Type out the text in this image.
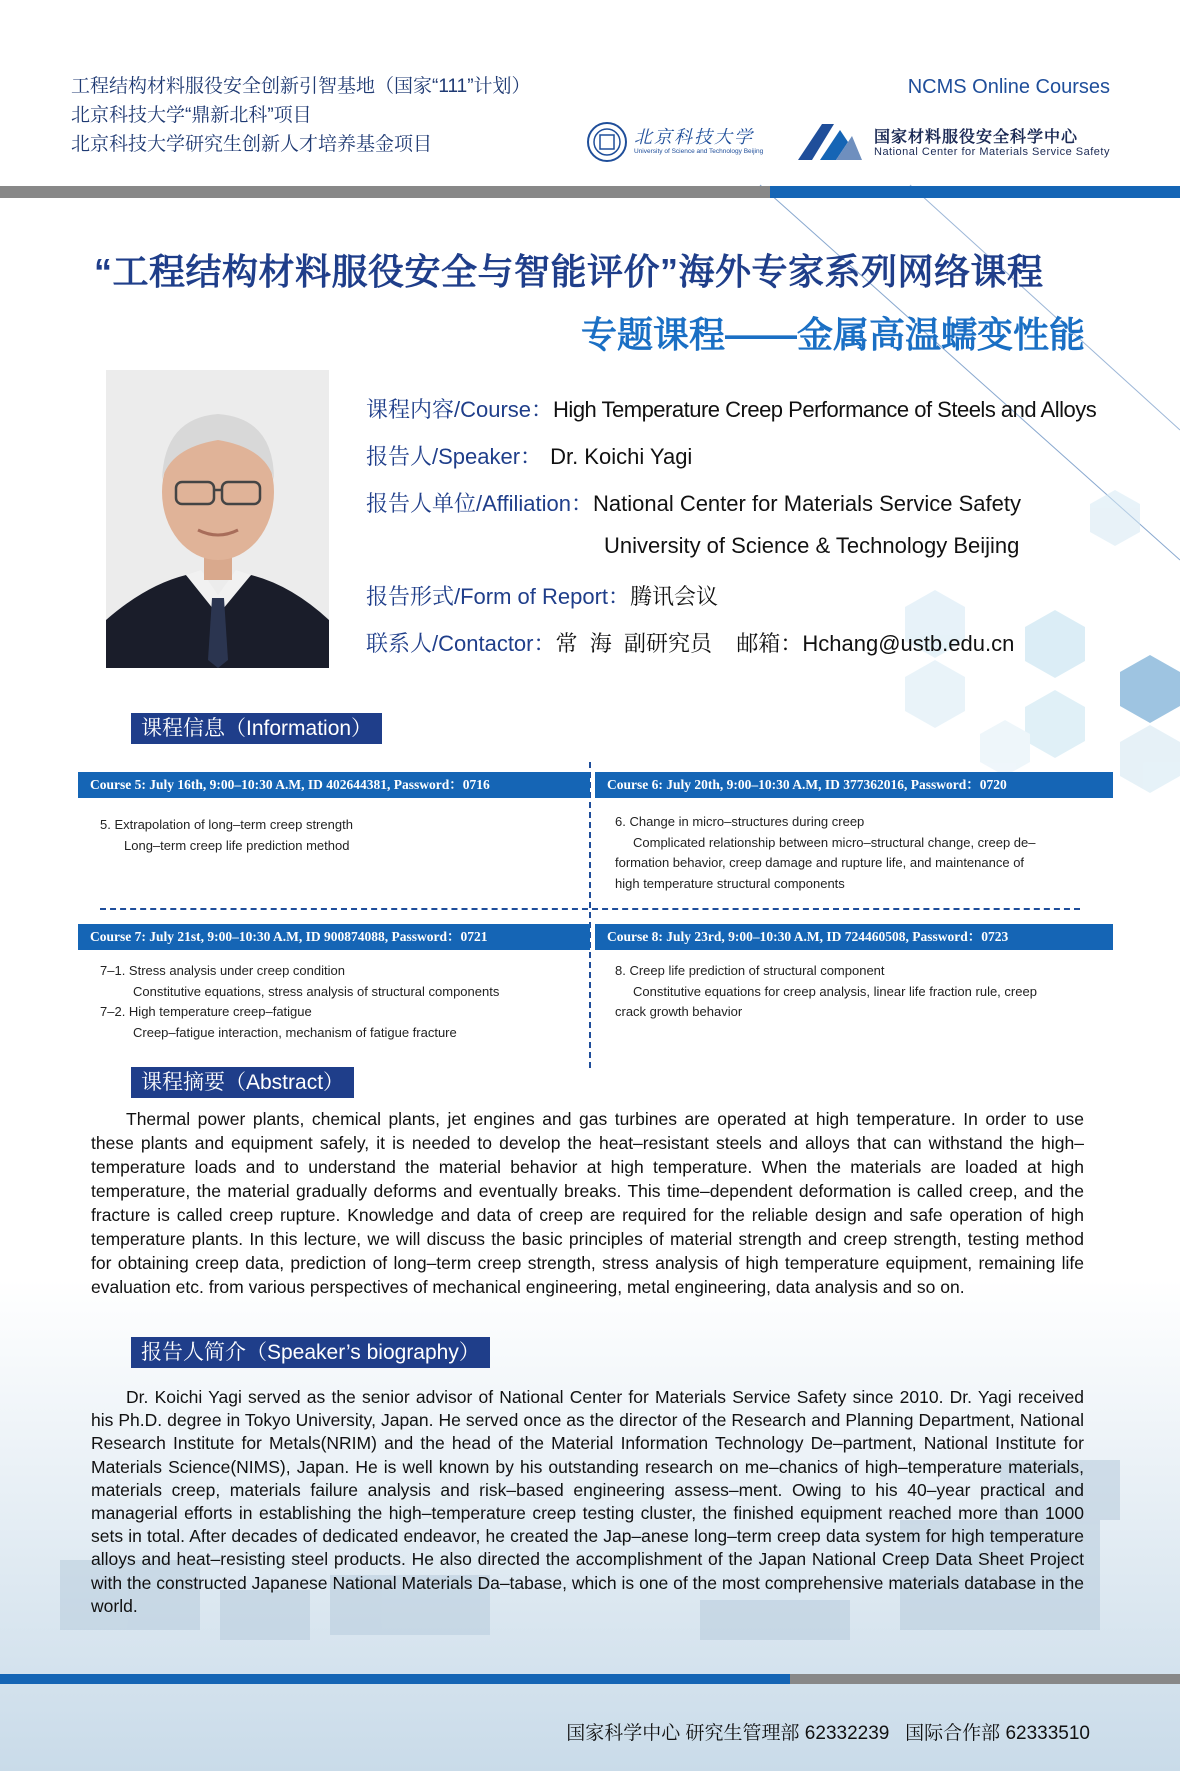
工程结构材料服役安全创新引智基地（国家“111”计划）
北京科技大学“鼎新北科”项目
北京科技大学研究生创新人才培养基金项目
NCMS Online Courses
北京科技大学
University of Science and Technology Beijing
国家材料服役安全科学中心
National Center for Materials Service Safety
“工程结构材料服役安全与智能评价”海外专家系列网络课程
专题课程——金属高温蠕变性能
课程内容/Course：High Temperature Creep Performance of Steels and Alloys
报告人/Speaker： Dr. Koichi Yagi
报告人单位/Affiliation：National Center for Materials Service Safety
University of Science & Technology Beijing
报告形式/Form of Report：腾讯会议
联系人/Contactor：常  海  副研究员    邮箱：Hchang@ustb.edu.cn
课程信息（Information）
Course 5: July 16th, 9:00–10:30 A.M, ID 402644381, Password：0716
5. Extrapolation of long–term creep strength
Long–term creep life prediction method
Course 6: July 20th, 9:00–10:30 A.M, ID 377362016, Password：0720
6. Change in micro–structures during creep
Complicated relationship between micro–structural change, creep de–
formation behavior, creep damage and rupture life, and maintenance of
high temperature structural components
Course 7: July 21st, 9:00–10:30 A.M, ID 900874088, Password：0721
7–1. Stress analysis under creep condition
Constitutive equations, stress analysis of structural components
7–2. High temperature creep–fatigue
Creep–fatigue interaction, mechanism of fatigue fracture
Course 8: July 23rd, 9:00–10:30 A.M, ID 724460508, Password：0723
8. Creep life prediction of structural component
Constitutive equations for creep analysis, linear life fraction rule, creep
crack growth behavior
课程摘要（Abstract）
Thermal power plants, chemical plants, jet engines and gas turbines are operated at high temperature. In order to use these plants and equipment safely, it is needed to develop the heat–resistant steels and alloys that can withstand the high–temperature loads and to understand the material behavior at high temperature. When the materials are loaded at high temperature, the material gradually deforms and eventually breaks. This time–dependent deformation is called creep, and the fracture is called creep rupture. Knowledge and data of creep are required for the reliable design and safe operation of high temperature plants. In this lecture, we will discuss the basic principles of material strength and creep strength, testing method for obtaining creep data, prediction of long–term creep strength, stress analysis of high temperature equipment, remaining life evaluation etc. from various perspectives of mechanical engineering, metal engineering, data analysis and so on.
报告人简介（Speaker’s biography）
Dr. Koichi Yagi served as the senior advisor of National Center for Materials Service Safety since 2010. Dr. Yagi received his Ph.D. degree in Tokyo University, Japan. He served once as the director of the Research and Planning Department, National Research Institute for Metals(NRIM) and the head of the Material Information Technology De–partment, National Institute for Materials Science(NIMS), Japan. He is well known by his outstanding research on me–chanics of high–temperature materials, materials creep, materials failure analysis and risk–based engineering assess–ment. Owing to his 40–year practical and managerial efforts in establishing the high–temperature creep testing cluster, the finished equipment reached more than 1000 sets in total. After decades of dedicated endeavor, he created the Jap–anese long–term creep data system for high temperature alloys and heat–resisting steel products. He also directed the accomplishment of the Japan National Creep Data Sheet Project with the constructed Japanese National Materials Da–tabase, which is one of the most comprehensive materials database in the world.
国家科学中心 研究生管理部 62332239   国际合作部 62333510
